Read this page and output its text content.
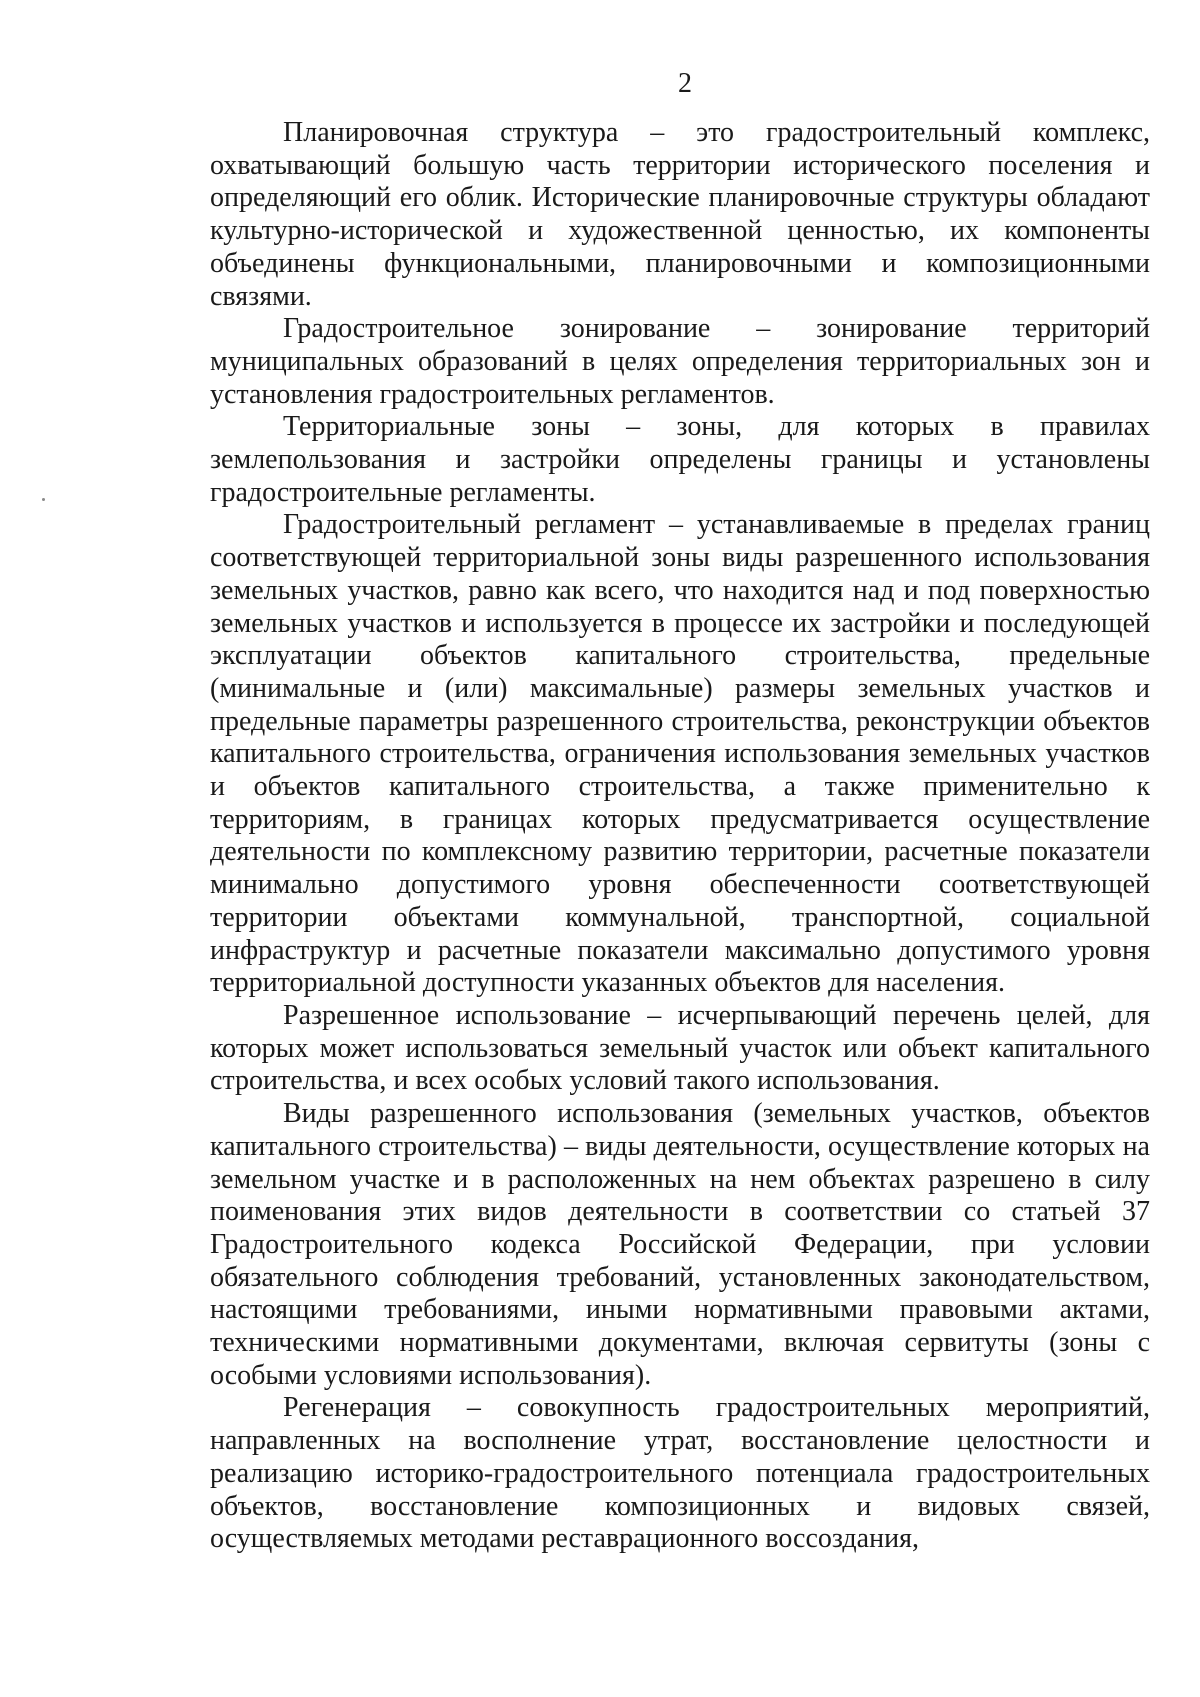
2

Планировочная структура – это градостроительный комплекс, охватывающий большую часть территории исторического поселения и определяющий его облик. Исторические планировочные структуры обладают культурно-исторической и художественной ценностью, их компоненты объединены функциональными, планировочными и композиционными связями.

Градостроительное зонирование – зонирование территорий муниципальных образований в целях определения территориальных зон и установления градостроительных регламентов.

Территориальные зоны – зоны, для которых в правилах землепользования и застройки определены границы и установлены градостроительные регламенты.

Градостроительный регламент – устанавливаемые в пределах границ соответствующей территориальной зоны виды разрешенного использования земельных участков, равно как всего, что находится над и под поверхностью земельных участков и используется в процессе их застройки и последующей эксплуатации объектов капитального строительства, предельные (минимальные и (или) максимальные) размеры земельных участков и предельные параметры разрешенного строительства, реконструкции объектов капитального строительства, ограничения использования земельных участков и объектов капитального строительства, а также применительно к территориям, в границах которых предусматривается осуществление деятельности по комплексному развитию территории, расчетные показатели минимально допустимого уровня обеспеченности соответствующей территории объектами коммунальной, транспортной, социальной инфраструктур и расчетные показатели максимально допустимого уровня территориальной доступности указанных объектов для населения.

Разрешенное использование – исчерпывающий перечень целей, для которых может использоваться земельный участок или объект капитального строительства, и всех особых условий такого использования.

Виды разрешенного использования (земельных участков, объектов капитального строительства) – виды деятельности, осуществление которых на земельном участке и в расположенных на нем объектах разрешено в силу поименования этих видов деятельности в соответствии со статьей 37 Градостроительного кодекса Российской Федерации, при условии обязательного соблюдения требований, установленных законодательством, настоящими требованиями, иными нормативными правовыми актами, техническими нормативными документами, включая сервитуты (зоны с особыми условиями использования).

Регенерация – совокупность градостроительных мероприятий, направленных на восполнение утрат, восстановление целостности и реализацию историко-градостроительного потенциала градостроительных объектов, восстановление композиционных и видовых связей, осуществляемых методами реставрационного воссоздания,
